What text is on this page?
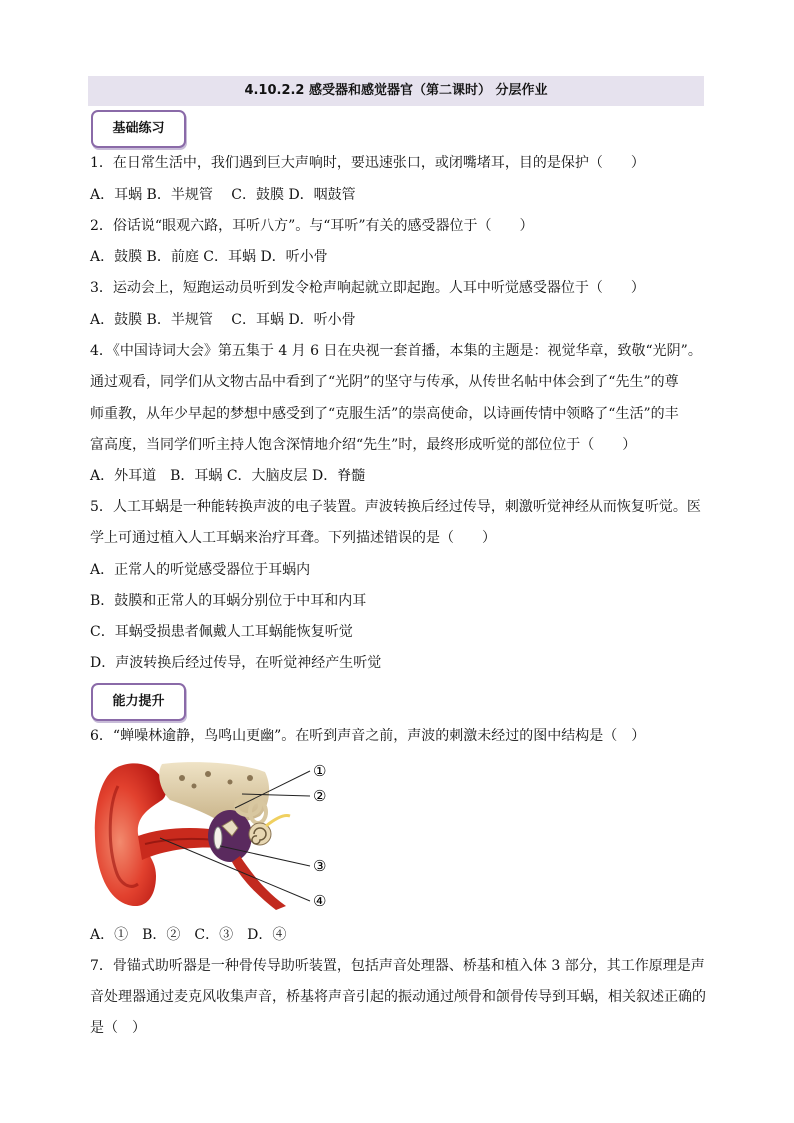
4.10.2.2 感受器和感觉器官（第二课时） 分层作业
基础练习
1．在日常生活中，我们遇到巨大声响时，要迅速张口，或闭嘴堵耳，目的是保护（　　）
A．耳蜗 B．半规管　 C．鼓膜 D．咽鼓管
2．俗话说“眼观六路，耳听八方”。与“耳听”有关的感受器位于（　　）
A．鼓膜 B．前庭 C．耳蜗 D．听小骨
3．运动会上，短跑运动员听到发令枪声响起就立即起跑。人耳中听觉感受器位于（　　）
A．鼓膜 B．半规管　 C．耳蜗 D．听小骨
4．《中国诗词大会》第五集于 4 月 6 日在央视一套首播，本集的主题是：视觉华章，致敬“光阴”。
通过观看，同学们从文物古品中看到了“光阴”的坚守与传承，从传世名帖中体会到了“先生”的尊
师重教，从年少早起的梦想中感受到了“克服生活”的崇高使命，以诗画传情中领略了“生活”的丰
富高度，当同学们听主持人饱含深情地介绍“先生”时，最终形成听觉的部位位于（　　）
A．外耳道　B．耳蜗 C．大脑皮层 D．脊髓
5．人工耳蜗是一种能转换声波的电子装置。声波转换后经过传导，刺激听觉神经从而恢复听觉。医
学上可通过植入人工耳蜗来治疗耳聋。下列描述错误的是（　　）
A．正常人的听觉感受器位于耳蜗内
B．鼓膜和正常人的耳蜗分别位于中耳和内耳
C．耳蜗受损患者佩戴人工耳蜗能恢复听觉
D．声波转换后经过传导，在听觉神经产生听觉
能力提升
6．“蝉噪林逾静，鸟鸣山更幽”。在听到声音之前，声波的刺激未经过的图中结构是（　）
①
②
③
④
A．①　B．②　C．③　D．④
7．骨锚式助听器是一种骨传导助听装置，包括声音处理器、桥基和植入体 3 部分，其工作原理是声
音处理器通过麦克风收集声音，桥基将声音引起的振动通过颅骨和颌骨传导到耳蜗，相关叙述正确的
是（　）
